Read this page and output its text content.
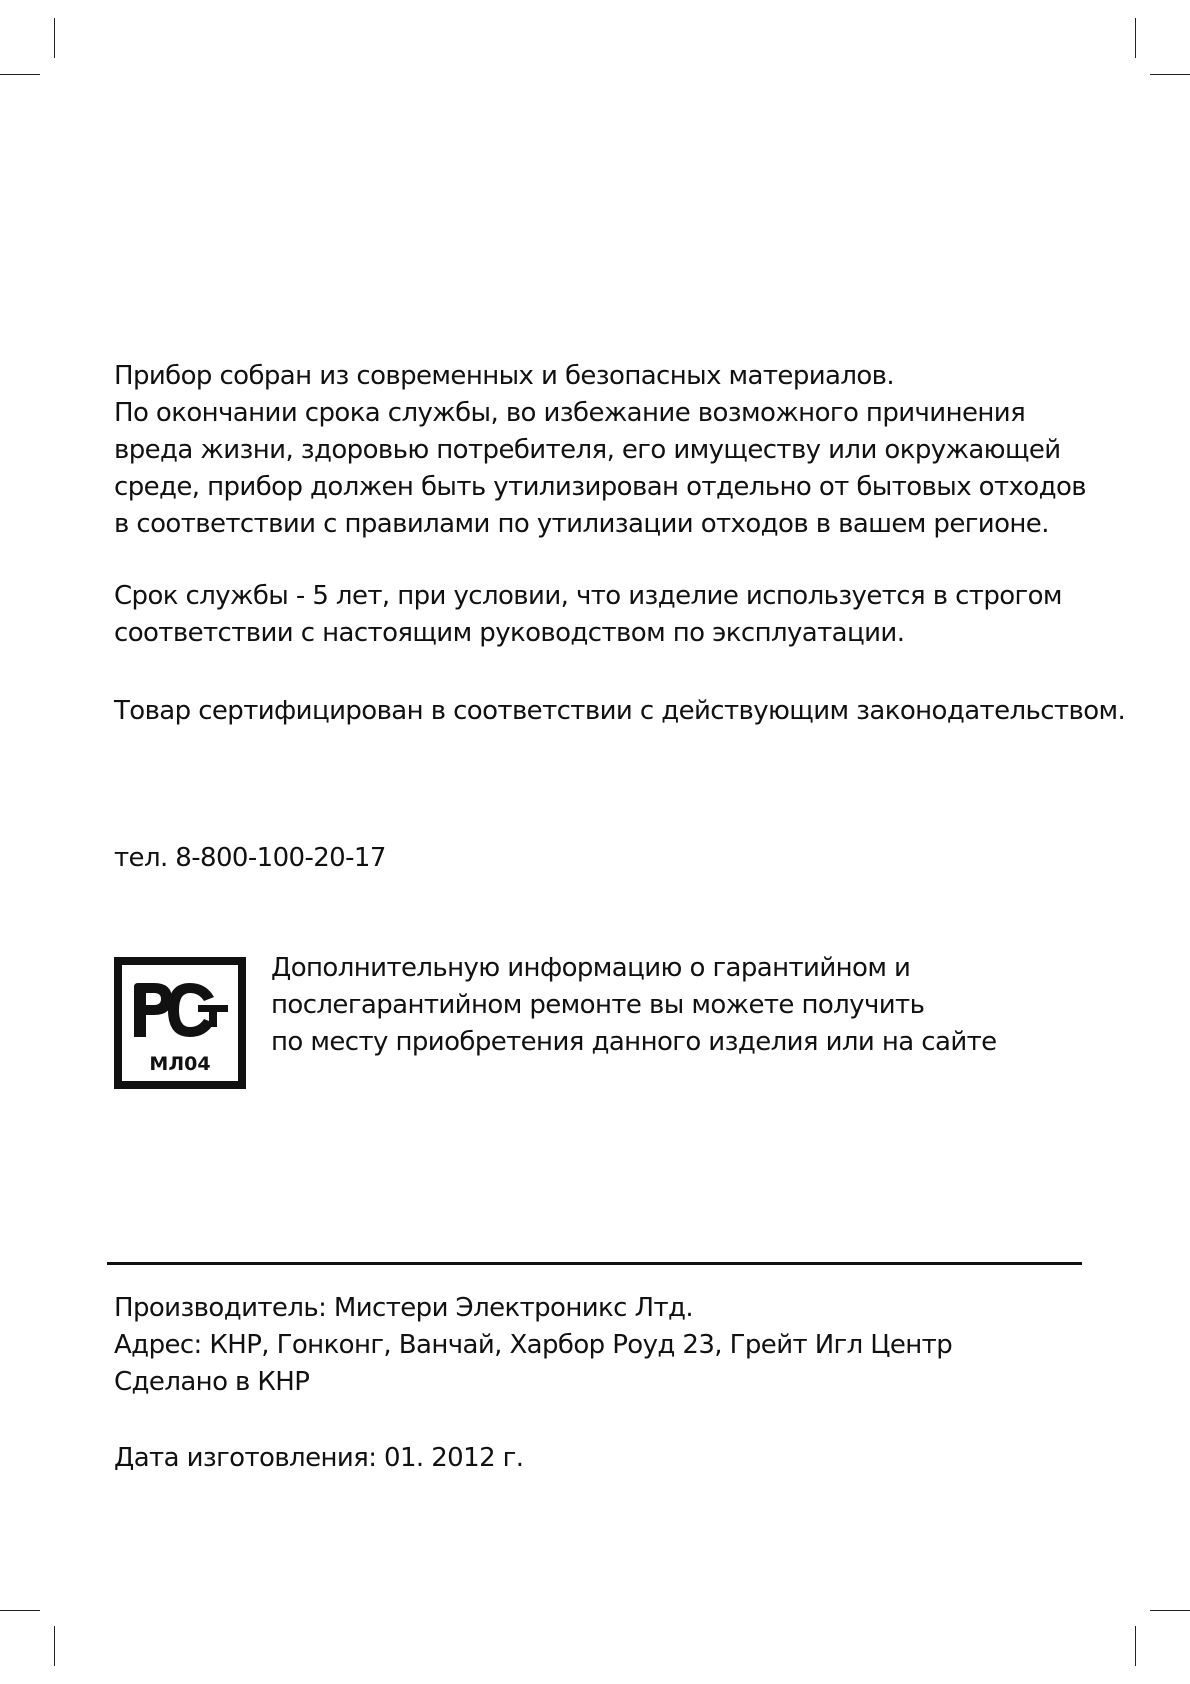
Прибор собран из современных и безопасных материалов.
По окончании срока службы, во избежание возможного причинения
вреда жизни, здоровью потребителя, его имуществу или окружающей
среде, прибор должен быть утилизирован отдельно от бытовых отходов
в соответствии с правилами по утилизации отходов в вашем регионе.

Срок службы - 5 лет, при условии, что изделие используется в строгом
соответствии с настоящим руководством по эксплуатации.

Товар сертифицирован в соответствии с действующим законодательством.

тел. 8-800-100-20-17

МЛ04
Дополнительную информацию о гарантийном и
послегарантийном ремонте вы можете получить
по месту приобретения данного изделия или на сайте

Производитель: Мистери Электроникс Лтд.
Адрес: КНР, Гонконг, Ванчай, Харбор Роуд 23, Грейт Игл Центр
Сделано в КНР

Дата изготовления: 01. 2012 г.
